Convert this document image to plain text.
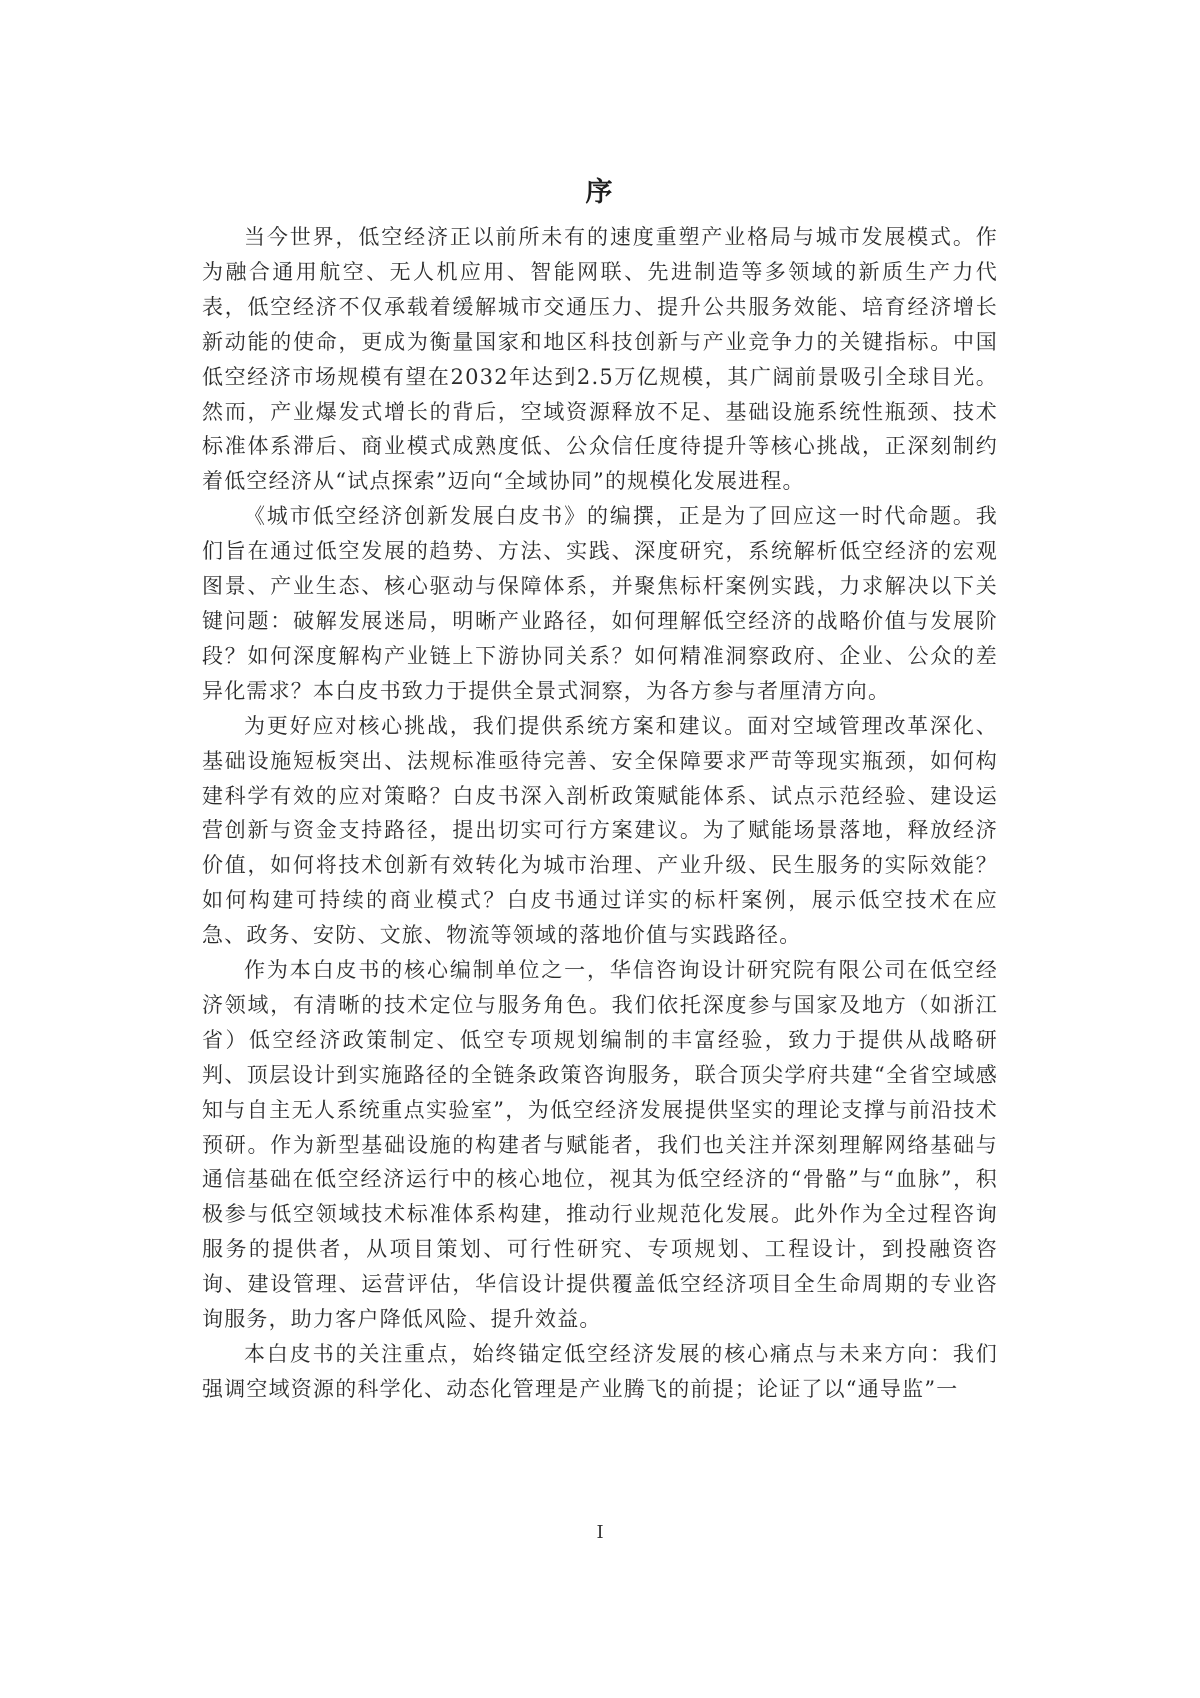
序

当今世界，低空经济正以前所未有的速度重塑产业格局与城市发展模式。作为融合通用航空、无人机应用、智能网联、先进制造等多领域的新质生产力代表，低空经济不仅承载着缓解城市交通压力、提升公共服务效能、培育经济增长新动能的使命，更成为衡量国家和地区科技创新与产业竞争力的关键指标。中国低空经济市场规模有望在2032年达到2.5万亿规模，其广阔前景吸引全球目光。然而，产业爆发式增长的背后，空域资源释放不足、基础设施系统性瓶颈、技术标准体系滞后、商业模式成熟度低、公众信任度待提升等核心挑战，正深刻制约着低空经济从“试点探索”迈向“全域协同”的规模化发展进程。

《城市低空经济创新发展白皮书》的编撰，正是为了回应这一时代命题。我们旨在通过低空发展的趋势、方法、实践、深度研究，系统解析低空经济的宏观图景、产业生态、核心驱动与保障体系，并聚焦标杆案例实践，力求解决以下关键问题：破解发展迷局，明晰产业路径，如何理解低空经济的战略价值与发展阶段？如何深度解构产业链上下游协同关系？如何精准洞察政府、企业、公众的差异化需求？本白皮书致力于提供全景式洞察，为各方参与者厘清方向。

为更好应对核心挑战，我们提供系统方案和建议。面对空域管理改革深化、基础设施短板突出、法规标准亟待完善、安全保障要求严苛等现实瓶颈，如何构建科学有效的应对策略？白皮书深入剖析政策赋能体系、试点示范经验、建设运营创新与资金支持路径，提出切实可行方案建议。为了赋能场景落地，释放经济价值，如何将技术创新有效转化为城市治理、产业升级、民生服务的实际效能？如何构建可持续的商业模式？白皮书通过详实的标杆案例，展示低空技术在应急、政务、安防、文旅、物流等领域的落地价值与实践路径。

作为本白皮书的核心编制单位之一，华信咨询设计研究院有限公司在低空经济领域，有清晰的技术定位与服务角色。我们依托深度参与国家及地方（如浙江省）低空经济政策制定、低空专项规划编制的丰富经验，致力于提供从战略研判、顶层设计到实施路径的全链条政策咨询服务，联合顶尖学府共建“全省空域感知与自主无人系统重点实验室”，为低空经济发展提供坚实的理论支撑与前沿技术预研。作为新型基础设施的构建者与赋能者，我们也关注并深刻理解网络基础与通信基础在低空经济运行中的核心地位，视其为低空经济的“骨骼”与“血脉”，积极参与低空领域技术标准体系构建，推动行业规范化发展。此外作为全过程咨询服务的提供者，从项目策划、可行性研究、专项规划、工程设计，到投融资咨询、建设管理、运营评估，华信设计提供覆盖低空经济项目全生命周期的专业咨询服务，助力客户降低风险、提升效益。

本白皮书的关注重点，始终锚定低空经济发展的核心痛点与未来方向：我们强调空域资源的科学化、动态化管理是产业腾飞的前提；论证了以“通导监”一

I
